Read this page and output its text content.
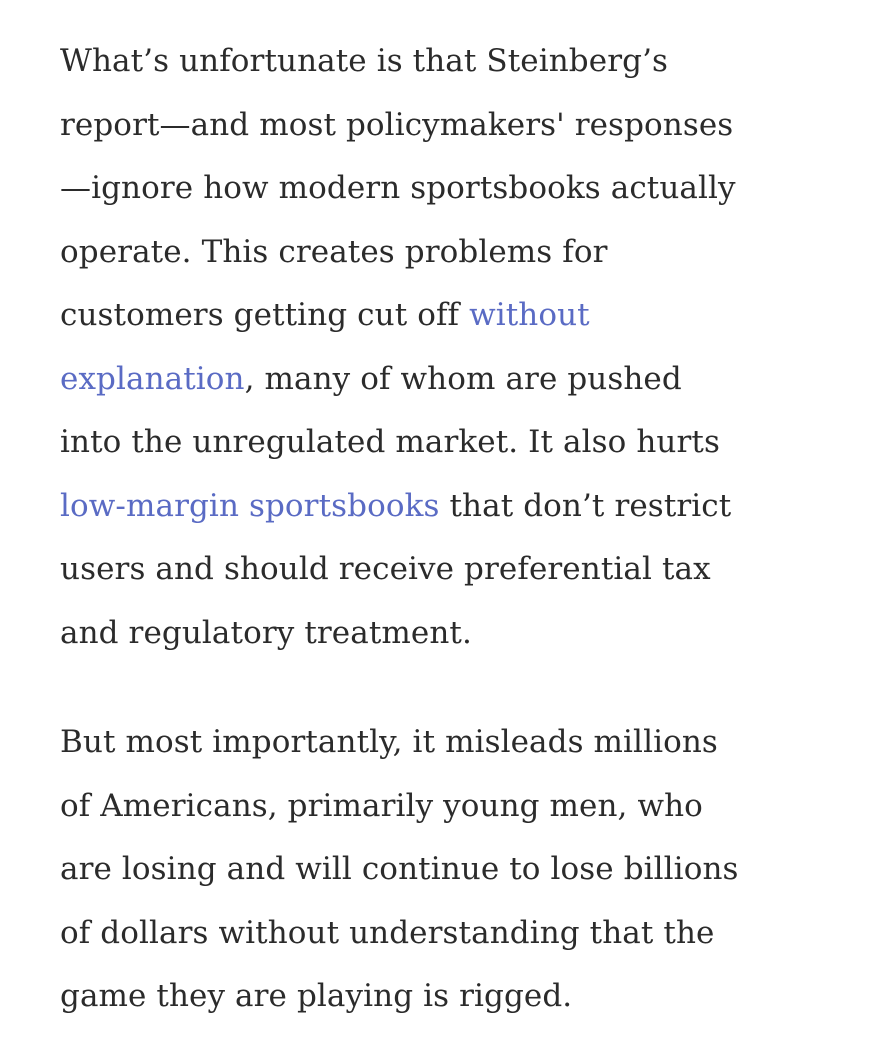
What’s unfortunate is that Steinberg’s
report—and most policymakers' responses
—ignore how modern sportsbooks actually
operate. This creates problems for
customers getting cut off without
explanation, many of whom are pushed
into the unregulated market. It also hurts
low-margin sportsbooks that don’t restrict
users and should receive preferential tax
and regulatory treatment.

But most importantly, it misleads millions
of Americans, primarily young men, who
are losing and will continue to lose billions
of dollars without understanding that the
game they are playing is rigged.
